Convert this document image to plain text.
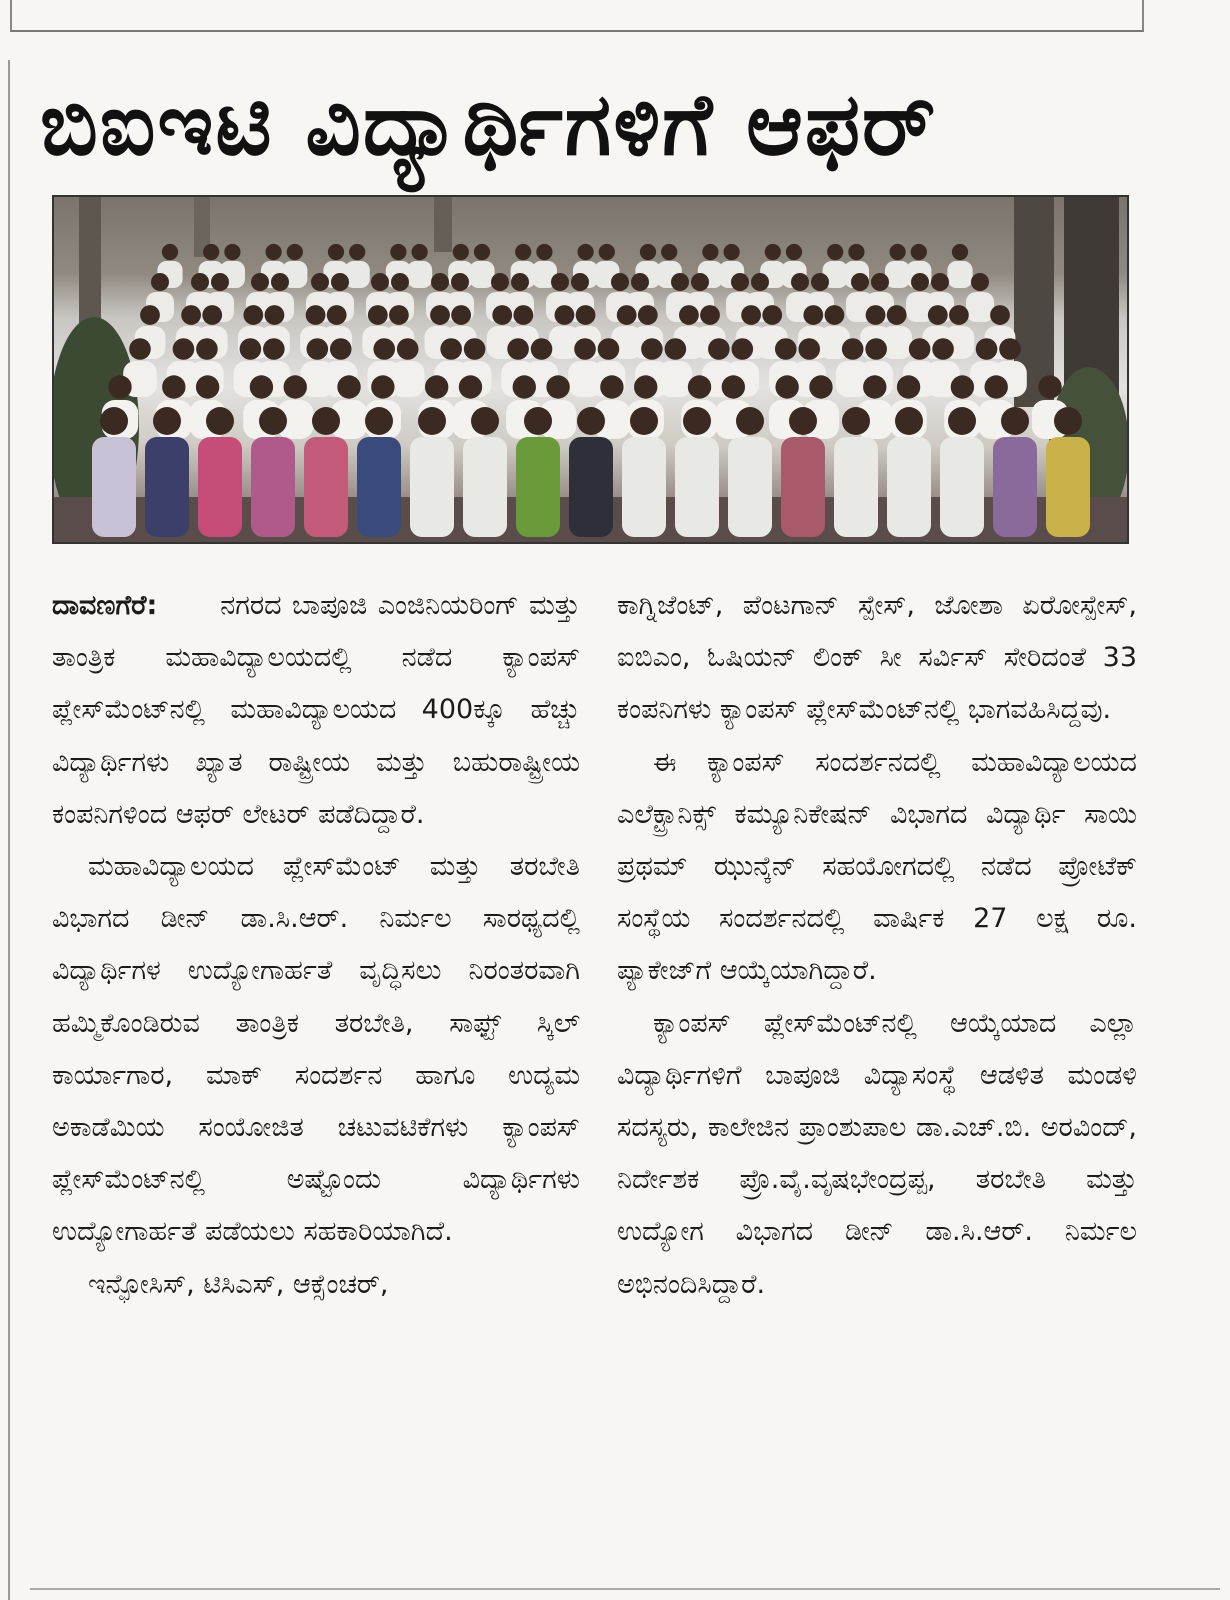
ಬಿಐಇಟಿ ವಿದ್ಯಾರ್ಥಿಗಳಿಗೆ ಆಫರ್

ದಾವಣಗೆರೆ: ನಗರದ ಬಾಪೂಜಿ ಎಂಜಿನಿಯರಿಂಗ್ ಮತ್ತು ತಾಂತ್ರಿಕ ಮಹಾವಿದ್ಯಾಲಯದಲ್ಲಿ ನಡೆದ ಕ್ಯಾಂಪಸ್ ಪ್ಲೇಸ್‌ಮೆಂಟ್‌ನಲ್ಲಿ ಮಹಾವಿದ್ಯಾಲಯದ 400ಕ್ಕೂ ಹೆಚ್ಚು ವಿದ್ಯಾರ್ಥಿಗಳು ಖ್ಯಾತ ರಾಷ್ಟ್ರೀಯ ಮತ್ತು ಬಹುರಾಷ್ಟ್ರೀಯ ಕಂಪನಿಗಳಿಂದ ಆಫರ್ ಲೇಟರ್ ಪಡೆದಿದ್ದಾರೆ.

ಮಹಾವಿದ್ಯಾಲಯದ ಪ್ಲೇಸ್‌ಮೆಂಟ್ ಮತ್ತು ತರಬೇತಿ ವಿಭಾಗದ ಡೀನ್ ಡಾ.ಸಿ.ಆರ್. ನಿರ್ಮಲ ಸಾರಥ್ಯದಲ್ಲಿ ವಿದ್ಯಾರ್ಥಿಗಳ ಉದ್ಯೋಗಾರ್ಹತೆ ವೃದ್ಧಿಸಲು ನಿರಂತರವಾಗಿ ಹಮ್ಮಿಕೊಂಡಿರುವ ತಾಂತ್ರಿಕ ತರಬೇತಿ, ಸಾಫ್ಟ್ ಸ್ಕಿಲ್ ಕಾರ್ಯಾಗಾರ, ಮಾಕ್ ಸಂದರ್ಶನ ಹಾಗೂ ಉದ್ಯಮ ಅಕಾಡೆಮಿಯ ಸಂಯೋಜಿತ ಚಟುವಟಿಕೆಗಳು ಕ್ಯಾಂಪಸ್ ಪ್ಲೇಸ್‌ಮೆಂಟ್‌ನಲ್ಲಿ ಅಷ್ಟೊಂದು ವಿದ್ಯಾರ್ಥಿಗಳು ಉದ್ಯೋಗಾರ್ಹತೆ ಪಡೆಯಲು ಸಹಕಾರಿಯಾಗಿದೆ.

ಇನ್ಫೋಸಿಸ್, ಟಿಸಿಎಸ್, ಆಕ್ಸೆಂಚರ್,

ಕಾಗ್ನಿಜೆಂಟ್, ಪೆಂಟಗಾನ್ ಸ್ಪೇಸ್, ಜೋಶಾ ಏರೋಸ್ಪೇಸ್, ಐಬಿಎಂ, ಓಷಿಯನ್ ಲಿಂಕ್ ಸೀ ಸರ್ವಿಸ್ ಸೇರಿದಂತೆ 33 ಕಂಪನಿಗಳು ಕ್ಯಾಂಪಸ್ ಪ್ಲೇಸ್‌ಮೆಂಟ್‌ನಲ್ಲಿ ಭಾಗವಹಿಸಿದ್ದವು.

ಈ ಕ್ಯಾಂಪಸ್ ಸಂದರ್ಶನದಲ್ಲಿ ಮಹಾವಿದ್ಯಾಲಯದ ಎಲೆಕ್ಟ್ರಾನಿಕ್ಸ್ ಕಮ್ಯೂನಿಕೇಷನ್ ವಿಭಾಗದ ವಿದ್ಯಾರ್ಥಿ ಸಾಯಿ ಪ್ರಥಮ್ ಝುನ್ಕೆನ್ ಸಹಯೋಗದಲ್ಲಿ ನಡೆದ ಪ್ರೋಟೆಕ್ ಸಂಸ್ಥೆಯ ಸಂದರ್ಶನದಲ್ಲಿ ವಾರ್ಷಿಕ 27 ಲಕ್ಷ ರೂ. ಪ್ಯಾಕೇಜ್‌ಗೆ ಆಯ್ಕೆಯಾಗಿದ್ದಾರೆ.

ಕ್ಯಾಂಪಸ್ ಪ್ಲೇಸ್‌ಮೆಂಟ್‌ನಲ್ಲಿ ಆಯ್ಕೆಯಾದ ಎಲ್ಲಾ ವಿದ್ಯಾರ್ಥಿಗಳಿಗೆ ಬಾಪೂಜಿ ವಿದ್ಯಾಸಂಸ್ಥೆ ಆಡಳಿತ ಮಂಡಳಿ ಸದಸ್ಯರು, ಕಾಲೇಜಿನ ಪ್ರಾಂಶುಪಾಲ ಡಾ.ಎಚ್.ಬಿ. ಅರವಿಂದ್, ನಿರ್ದೇಶಕ ಪ್ರೊ.ವೈ.ವೃಷಭೇಂದ್ರಪ್ಪ, ತರಬೇತಿ ಮತ್ತು ಉದ್ಯೋಗ ವಿಭಾಗದ ಡೀನ್ ಡಾ.ಸಿ.ಆರ್. ನಿರ್ಮಲ ಅಭಿನಂದಿಸಿದ್ದಾರೆ.
